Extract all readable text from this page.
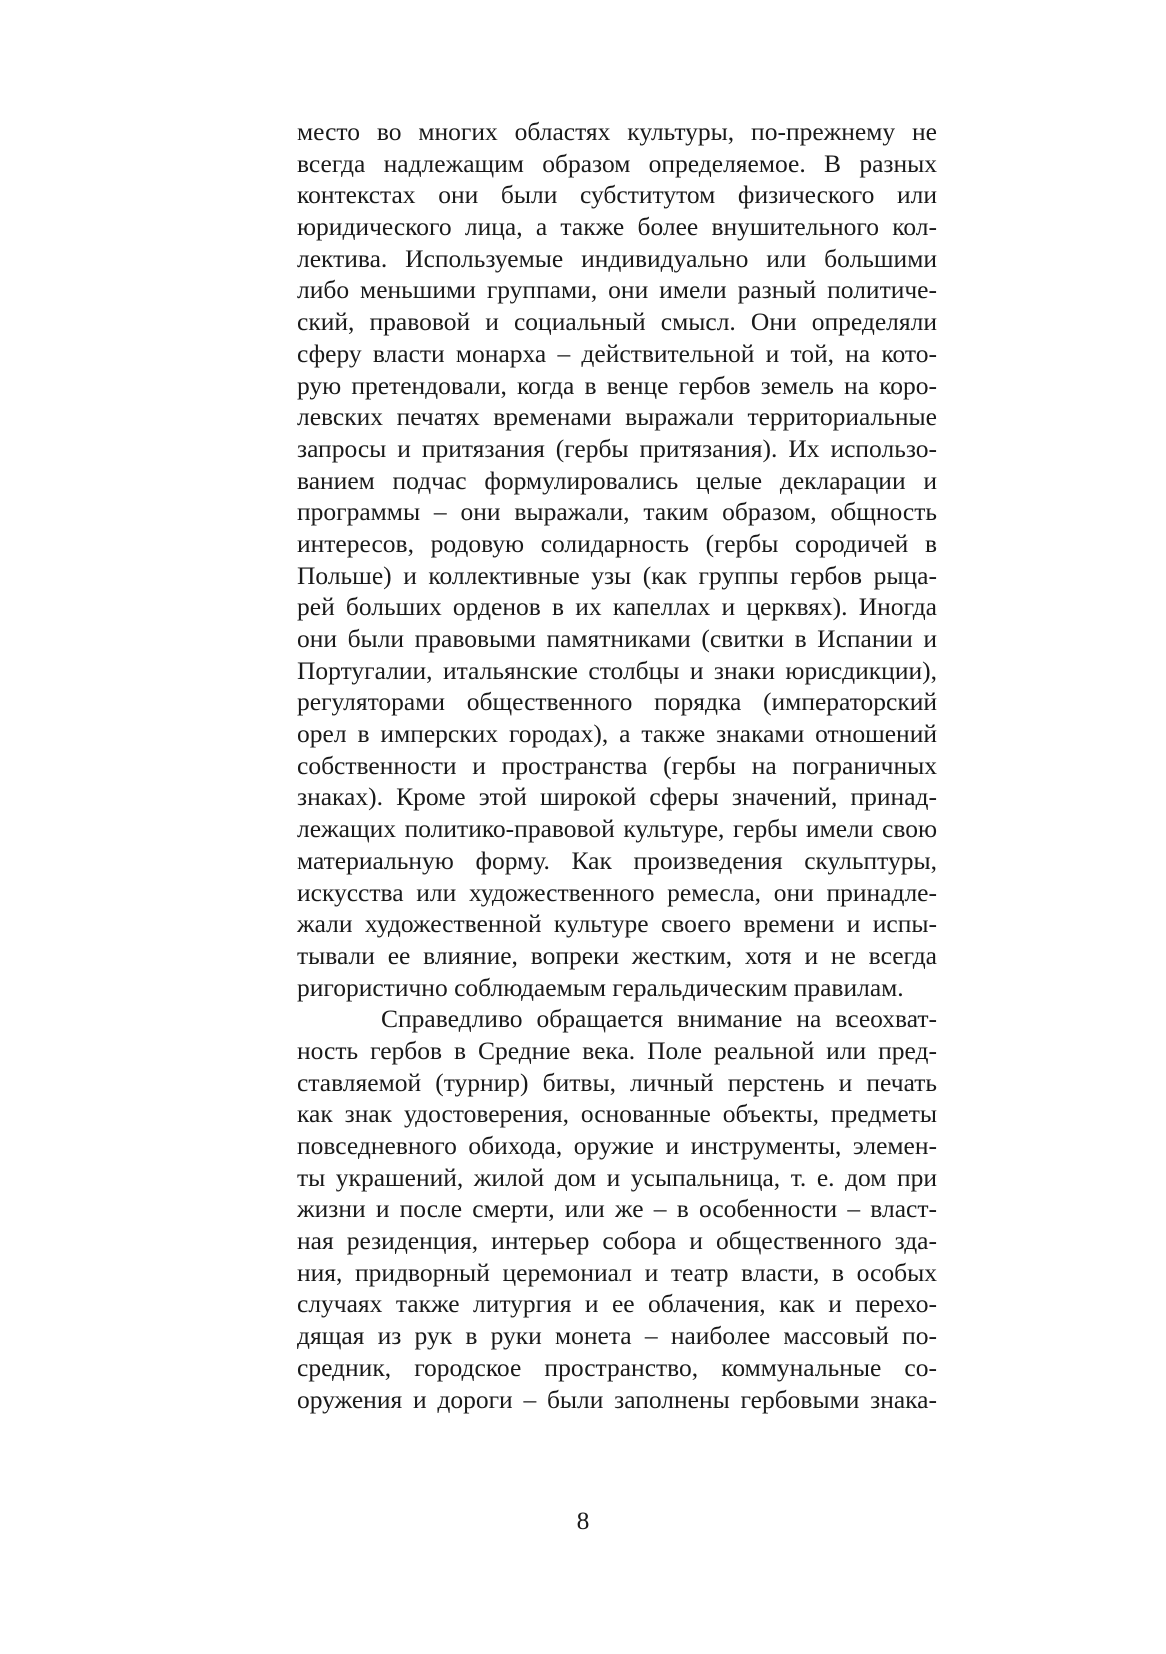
место во многих областях культуры, по-прежнему не
всегда надлежащим образом определяемое. В разных
контекстах они были субститутом физического или
юридического лица, а также более внушительного кол-
лектива. Используемые индивидуально или большими
либо меньшими группами, они имели разный политиче-
ский, правовой и социальный смысл. Они определяли
сферу власти монарха – действительной и той, на кото-
рую претендовали, когда в венце гербов земель на коро-
левских печатях временами выражали территориальные
запросы и притязания (гербы притязания). Их использо-
ванием подчас формулировались целые декларации и
программы – они выражали, таким образом, общность
интересов, родовую солидарность (гербы сородичей в
Польше) и коллективные узы (как группы гербов рыца-
рей больших орденов в их капеллах и церквях). Иногда
они были правовыми памятниками (свитки в Испании и
Португалии, итальянские столбцы и знаки юрисдикции),
регуляторами общественного порядка (императорский
орел в имперских городах), а также знаками отношений
собственности и пространства (гербы на пограничных
знаках). Кроме этой широкой сферы значений, принад-
лежащих политико-правовой культуре, гербы имели свою
материальную форму. Как произведения скульптуры,
искусства или художественного ремесла, они принадле-
жали художественной культуре своего времени и испы-
тывали ее влияние, вопреки жестким, хотя и не всегда
ригористично соблюдаемым геральдическим правилам.
Справедливо обращается внимание на всеохват-
ность гербов в Средние века. Поле реальной или пред-
ставляемой (турнир) битвы, личный перстень и печать
как знак удостоверения, основанные объекты, предметы
повседневного обихода, оружие и инструменты, элемен-
ты украшений, жилой дом и усыпальница, т. е. дом при
жизни и после смерти, или же – в особенности – власт-
ная резиденция, интерьер собора и общественного зда-
ния, придворный церемониал и театр власти, в особых
случаях также литургия и ее облачения, как и перехо-
дящая из рук в руки монета – наиболее массовый по-
средник, городское пространство, коммунальные со-
оружения и дороги – были заполнены гербовыми знака-
8
